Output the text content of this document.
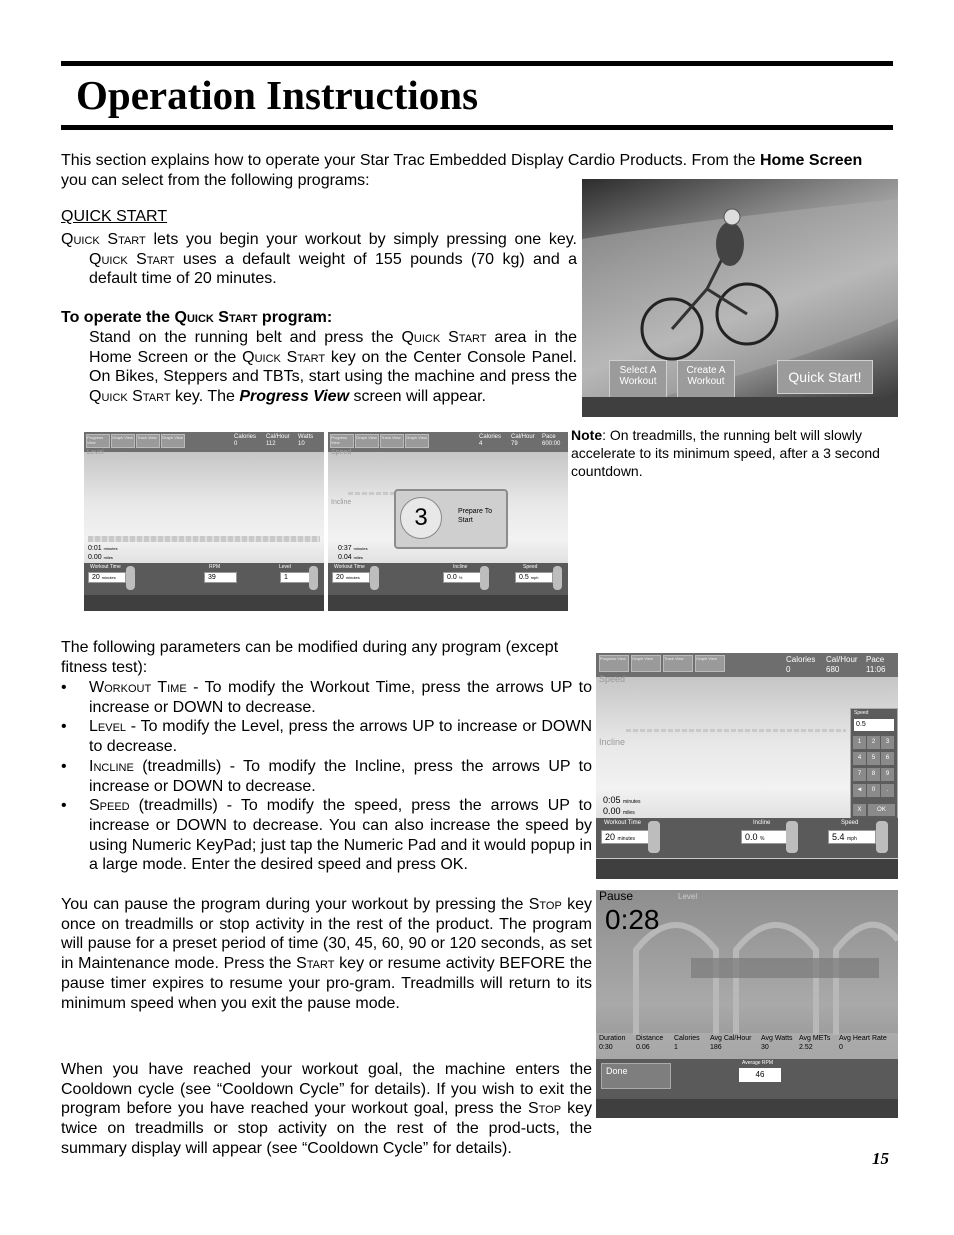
Operation Instructions
This section explains how to operate your Star Trac Embedded Display Cardio Products. From the Home Screen you can select from the following programs:
QUICK START
Quick Start lets you begin your workout by simply pressing one key. Quick Start uses a default weight of 155 pounds (70 kg) and a default time of 20 minutes.
To operate the Quick Start program:
Stand on the running belt and press the Quick Start area in the Home Screen or the Quick Start key on the Center Console Panel. On Bikes, Steppers and TBTs, start using the machine and press the Quick Start key. The Progress View screen will appear.
Select A Workout
Create A Workout	Quick Start!
Note: On treadmills, the running belt will slowly accelerate to its minimum speed, after a 3 second countdown.
Progress View
Graph View	Track View	Graph View	Calories
0
Cal/Hour
112
Watts
10
Level
0:01 minutes
0.00 miles
Workout Time
20 minutes
RPM
39
Level
1
Progress View
Graph View	Track View	Graph View	Calories
4
Cal/Hour
79
Pace
600:00
Speed
Incline
3	Prepare To Start
0:37 minutes
0.04 miles
Workout Time
20 minutes
Incline
0.0 %
Speed
0.5 mph
The following parameters can be modified during any program (except fitness test):
• Workout Time - To modify the Workout Time, press the arrows UP to increase or DOWN to decrease.
• Level - To modify the Level, press the arrows UP to increase or DOWN to decrease.
• Incline (treadmills) - To modify the Incline, press the arrows UP to increase or DOWN to decrease.
• Speed (treadmills) - To modify the speed, press the arrows UP to increase or DOWN to decrease. You can also increase the speed by using Numeric KeyPad; just tap the Numeric Pad and it would popup in a large mode. Enter the desired speed and press OK.
Progress View	Graph View	Track View	Graph View	Calories
0
Cal/Hour
680
Pace
11:06
Speed
Incline
Speed
0.5
1	2	3
4	5	6
7	8	9
◄	0	.
X	OK
0:05 minutes
0.00 miles
Workout Time
20 minutes
Incline
0.0 %
Speed
5.4 mph
You can pause the program during your workout by pressing the Stop key once on treadmills or stop activity in the rest of the product. The program will pause for a preset period of time (30, 45, 60, 90 or 120 seconds, as set in Maintenance mode. Press the Start key or resume activity BEFORE the pause timer expires to resume your pro-gram. Treadmills will return to its minimum speed when you exit the pause mode.
Pause	Level
0:28
Duration
0:30
Distance
0.06
Calories
1
Avg Cal/Hour
186
Avg Watts
30
Avg METs
2.52
Avg Heart Rate
0
Done
Average RPM
46
When you have reached your workout goal, the machine enters the Cooldown cycle (see “Cooldown Cycle” for details). If you wish to exit the program before you have reached your workout goal, press the Stop key twice on treadmills or stop activity on the rest of the prod-ucts, the summary display will appear (see “Cooldown Cycle” for details).
15
